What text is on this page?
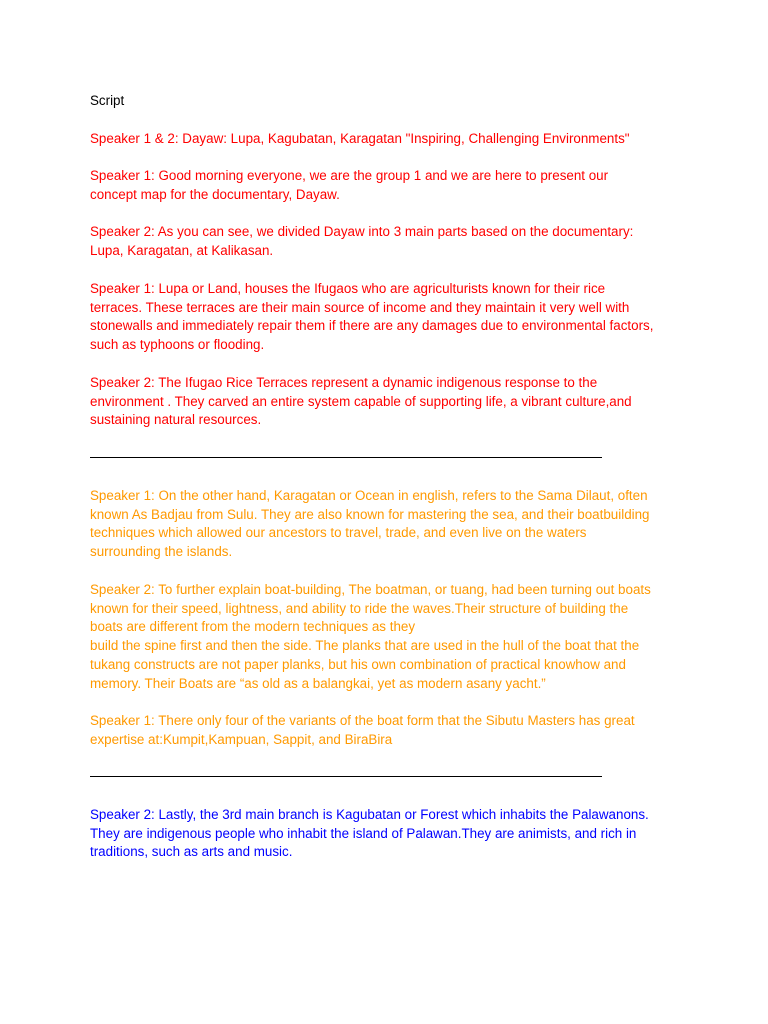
Script

Speaker 1 & 2: Dayaw: Lupa, Kagubatan, Karagatan "Inspiring, Challenging Environments"

Speaker 1: Good morning everyone, we are the group 1 and we are here to present our
concept map for the documentary, Dayaw.

Speaker 2: As you can see, we divided Dayaw into 3 main parts based on the documentary:
Lupa, Karagatan, at Kalikasan.

Speaker 1: Lupa or Land, houses the Ifugaos who are agriculturists known for their rice
terraces. These terraces are their main source of income and they maintain it very well with
stonewalls and immediately repair them if there are any damages due to environmental factors,
such as typhoons or flooding.

Speaker 2: The Ifugao Rice Terraces represent a dynamic indigenous response to the
environment . They carved an entire system capable of supporting life, a vibrant culture,and
sustaining natural resources.

Speaker 1: On the other hand, Karagatan or Ocean in english, refers to the Sama Dilaut, often
known As Badjau from Sulu. They are also known for mastering the sea, and their boatbuilding
techniques which allowed our ancestors to travel, trade, and even live on the waters
surrounding the islands.

Speaker 2: To further explain boat-building, The boatman, or tuang, had been turning out boats
known for their speed, lightness, and ability to ride the waves.Their structure of building the
boats are different from the modern techniques as they
build the spine first and then the side. The planks that are used in the hull of the boat that the
tukang constructs are not paper planks, but his own combination of practical knowhow and
memory. Their Boats are “as old as a balangkai, yet as modern asany yacht.”

Speaker 1: There only four of the variants of the boat form that the Sibutu Masters has great
expertise at:Kumpit,Kampuan, Sappit, and BiraBira

Speaker 2: Lastly, the 3rd main branch is Kagubatan or Forest which inhabits the Palawanons.
They are indigenous people who inhabit the island of Palawan.They are animists, and rich in
traditions, such as arts and music.
